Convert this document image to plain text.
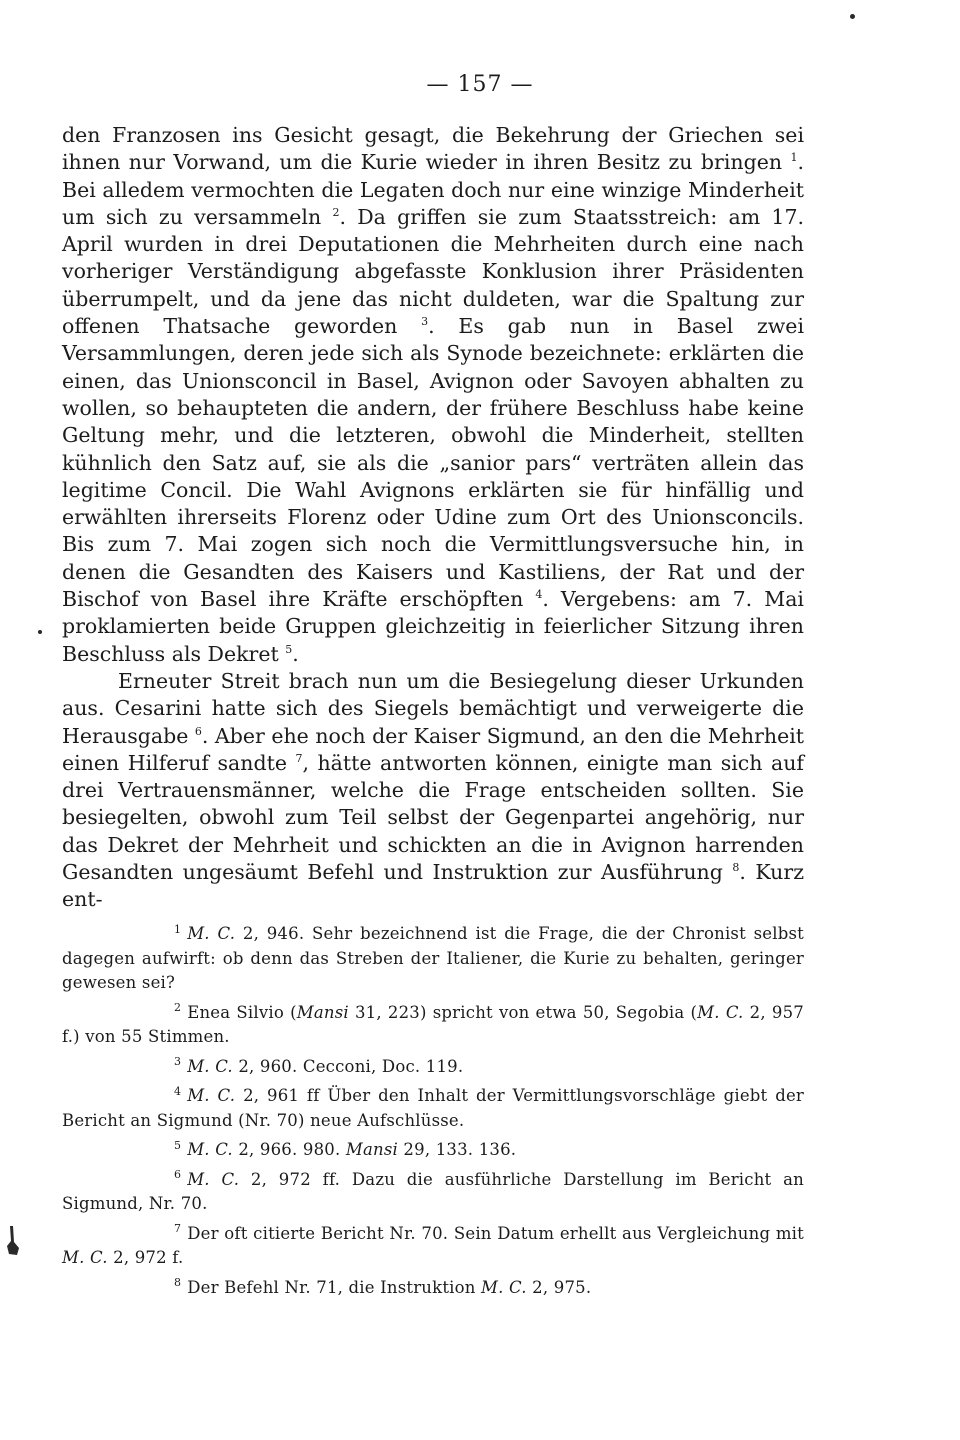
— 157 —

den Franzosen ins Gesicht gesagt, die Bekehrung der Griechen sei ihnen nur Vorwand, um die Kurie wieder in ihren Besitz zu bringen $^1$. Bei alledem vermochten die Legaten doch nur eine winzige Minderheit um sich zu versammeln $^2$. Da griffen sie zum Staatsstreich: am 17. April wurden in drei Deputationen die Mehrheiten durch eine nach vorheriger Verständigung abgefasste Konklusion ihrer Präsidenten überrumpelt, und da jene das nicht duldeten, war die Spaltung zur offenen Thatsache geworden $^3$. Es gab nun in Basel zwei Versammlungen, deren jede sich als Synode bezeichnete: erklärten die einen, das Unionsconcil in Basel, Avignon oder Savoyen abhalten zu wollen, so behaupteten die andern, der frühere Beschluss habe keine Geltung mehr, und die letzteren, obwohl die Minderheit, stellten kühnlich den Satz auf, sie als die „sanior pars“ verträten allein das legitime Concil. Die Wahl Avignons erklärten sie für hinfällig und erwählten ihrerseits Florenz oder Udine zum Ort des Unionsconcils. Bis zum 7. Mai zogen sich noch die Vermittlungsversuche hin, in denen die Gesandten des Kaisers und Kastiliens, der Rat und der Bischof von Basel ihre Kräfte erschöpften $^4$. Vergebens: am 7. Mai proklamierten beide Gruppen gleichzeitig in feierlicher Sitzung ihren Beschluss als Dekret $^5$.

Erneuter Streit brach nun um die Besiegelung dieser Urkunden aus. Cesarini hatte sich des Siegels bemächtigt und verweigerte die Herausgabe $^6$. Aber ehe noch der Kaiser Sigmund, an den die Mehrheit einen Hilferuf sandte $^7$, hätte antworten können, einigte man sich auf drei Vertrauensmänner, welche die Frage entscheiden sollten. Sie besiegelten, obwohl zum Teil selbst der Gegenpartei angehörig, nur das Dekret der Mehrheit und schickten an die in Avignon harrenden Gesandten ungesäumt Befehl und Instruktion zur Ausführung $^8$. Kurz ent-

1 M. C. 2, 946. Sehr bezeichnend ist die Frage, die der Chronist selbst dagegen aufwirft: ob denn das Streben der Italiener, die Kurie zu behalten, geringer gewesen sei?

2 Enea Silvio (Mansi 31, 223) spricht von etwa 50, Segobia (M. C. 2, 957 f.) von 55 Stimmen.

3 M. C. 2, 960. Cecconi, Doc. 119.

4 M. C. 2, 961 ff Über den Inhalt der Vermittlungsvorschläge giebt der Bericht an Sigmund (Nr. 70) neue Aufschlüsse.

5 M. C. 2, 966. 980. Mansi 29, 133. 136.

6 M. C. 2, 972 ff. Dazu die ausführliche Darstellung im Bericht an Sigmund, Nr. 70.

7 Der oft citierte Bericht Nr. 70. Sein Datum erhellt aus Vergleichung mit M. C. 2, 972 f.

8 Der Befehl Nr. 71, die Instruktion M. C. 2, 975.
